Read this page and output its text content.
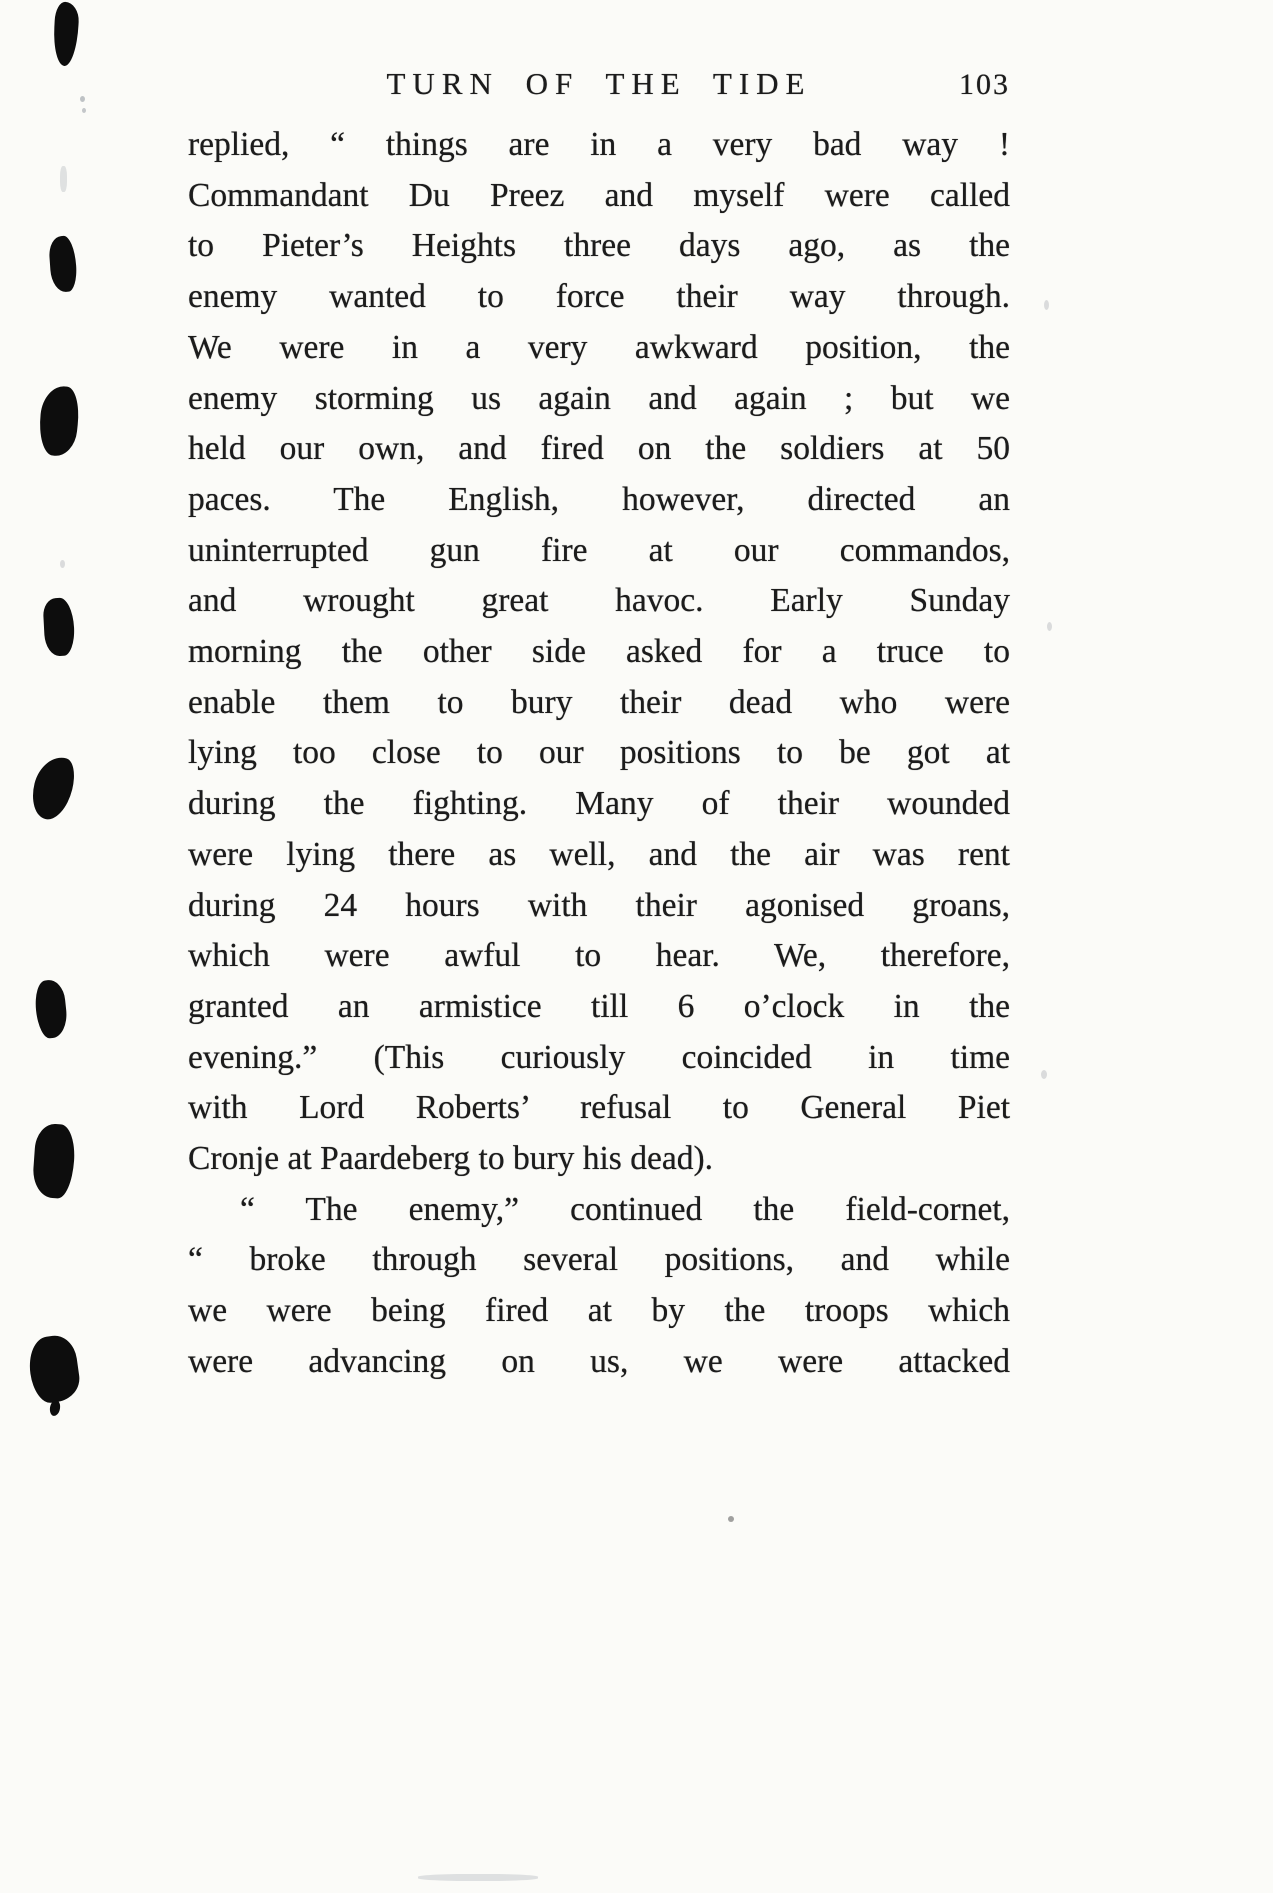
TURN OF THE TIDE	103
replied, “ things are in a very bad way !
Commandant Du Preez and myself were called
to Pieter’s Heights three days ago, as the
enemy wanted to force their way through.
We were in a very awkward position, the
enemy storming us again and again ; but we
held our own, and fired on the soldiers at 50
paces. The English, however, directed an
uninterrupted gun fire at our commandos,
and wrought great havoc. Early Sunday
morning the other side asked for a truce to
enable them to bury their dead who were
lying too close to our positions to be got at
during the fighting. Many of their wounded
were lying there as well, and the air was rent
during 24 hours with their agonised groans,
which were awful to hear. We, therefore,
granted an armistice till 6 o’clock in the
evening.” (This curiously coincided in time
with Lord Roberts’ refusal to General Piet
Cronje at Paardeberg to bury his dead).
“ The enemy,” continued the field-cornet,
“ broke through several positions, and while
we were being fired at by the troops which
were advancing on us, we were attacked
